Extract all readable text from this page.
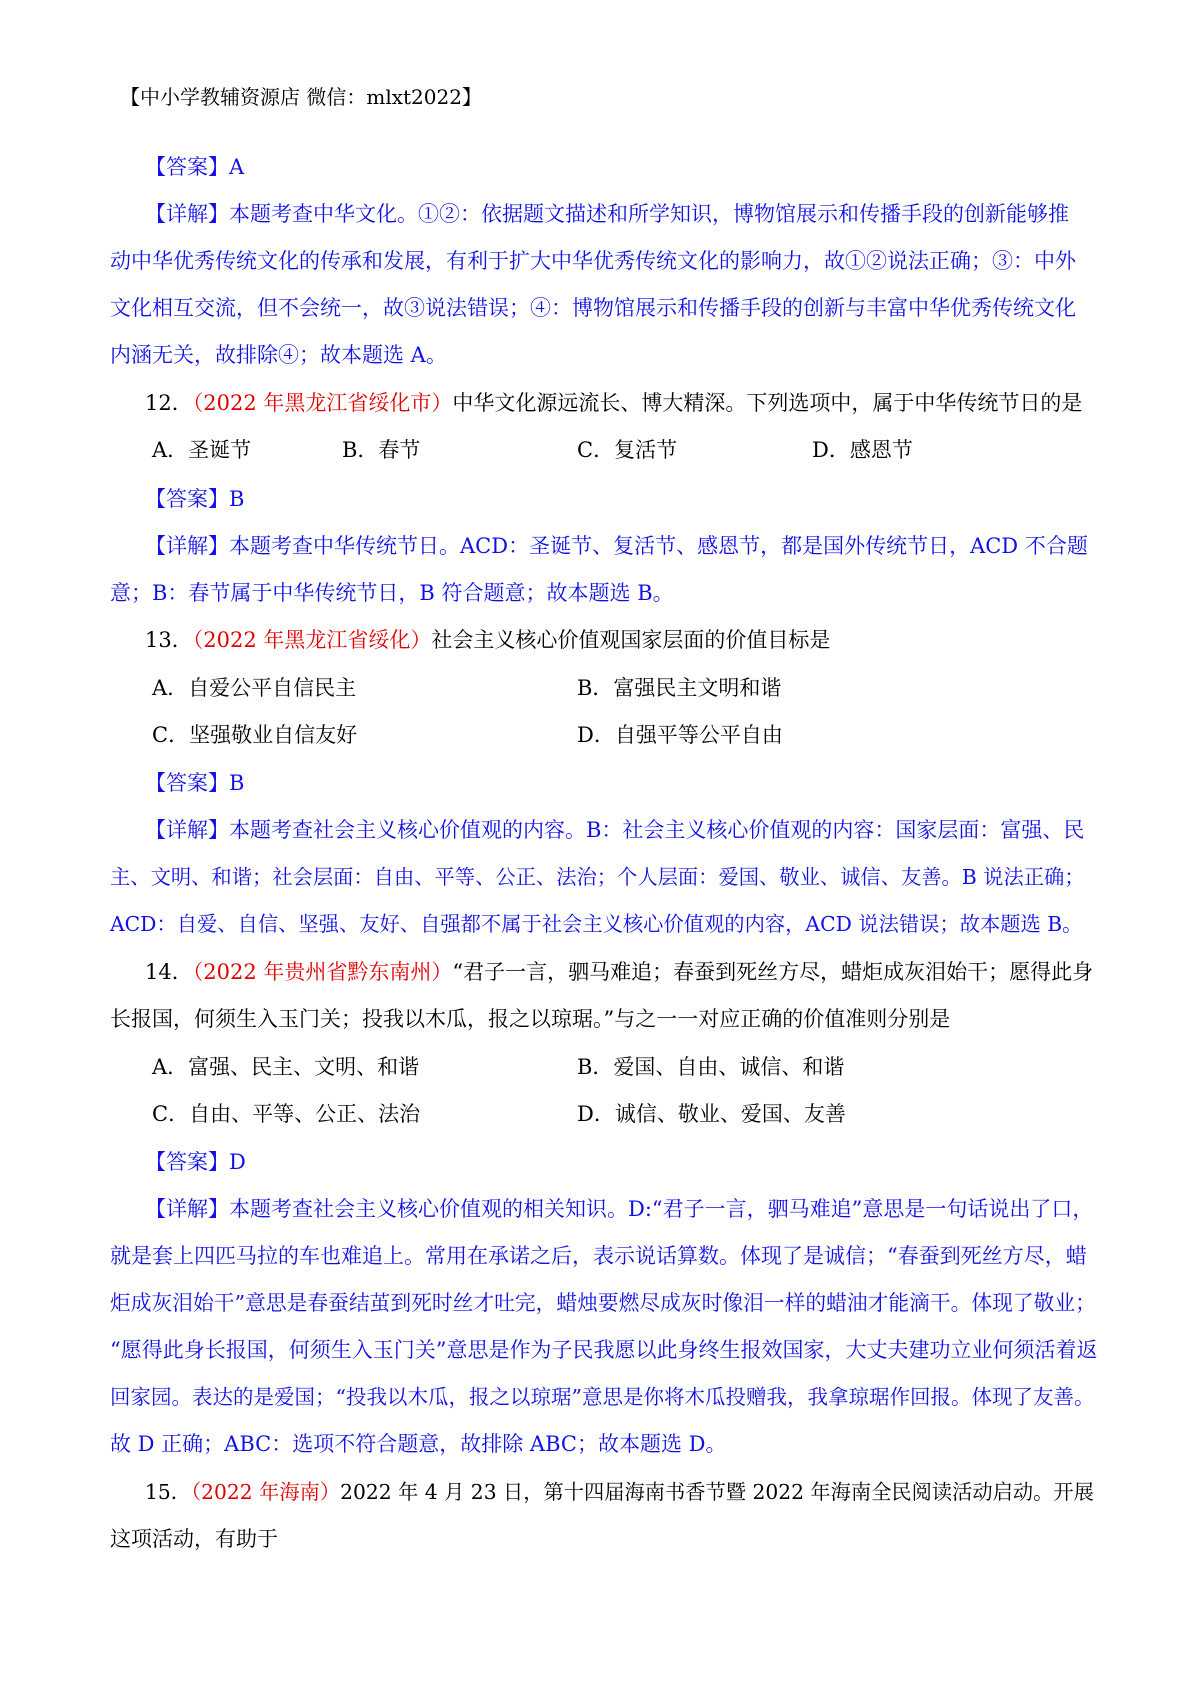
【中小学教辅资源店 微信：mlxt2022】
【答案】A
【详解】本题考查中华文化。①②：依据题文描述和所学知识，博物馆展示和传播手段的创新能够推
动中华优秀传统文化的传承和发展，有利于扩大中华优秀传统文化的影响力，故①②说法正确；③：中外
文化相互交流，但不会统一，故③说法错误；④：博物馆展示和传播手段的创新与丰富中华优秀传统文化
内涵无关，故排除④；故本题选 A。
12．（2022 年黑龙江省绥化市）中华文化源远流长、博大精深。下列选项中，属于中华传统节日的是
A．圣诞节	B．春节	C．复活节	D．感恩节
【答案】B
【详解】本题考查中华传统节日。ACD：圣诞节、复活节、感恩节，都是国外传统节日，ACD 不合题
意；B：春节属于中华传统节日，B 符合题意；故本题选 B。
13．（2022 年黑龙江省绥化）社会主义核心价值观国家层面的价值目标是
A．自爱公平自信民主	B．富强民主文明和谐
C．坚强敬业自信友好	D．自强平等公平自由
【答案】B
【详解】本题考查社会主义核心价值观的内容。B：社会主义核心价值观的内容：国家层面：富强、民
主、文明、和谐；社会层面：自由、平等、公正、法治；个人层面：爱国、敬业、诚信、友善。B 说法正确；
ACD：自爱、自信、坚强、友好、自强都不属于社会主义核心价值观的内容，ACD 说法错误；故本题选 B。
14．（2022 年贵州省黔东南州）“君子一言，驷马难追；春蚕到死丝方尽，蜡炬成灰泪始干；愿得此身
长报国，何须生入玉门关；投我以木瓜，报之以琼琚。”与之一一对应正确的价值准则分别是
A．富强、民主、文明、和谐	B．爱国、自由、诚信、和谐
C．自由、平等、公正、法治	D．诚信、敬业、爱国、友善
【答案】D
【详解】本题考查社会主义核心价值观的相关知识。D:“君子一言，驷马难追”意思是一句话说出了口，
就是套上四匹马拉的车也难追上。常用在承诺之后，表示说话算数。体现了是诚信；“春蚕到死丝方尽，蜡
炬成灰泪始干”意思是春蚕结茧到死时丝才吐完，蜡烛要燃尽成灰时像泪一样的蜡油才能滴干。体现了敬业；
“愿得此身长报国，何须生入玉门关”意思是作为子民我愿以此身终生报效国家，大丈夫建功立业何须活着返
回家园。表达的是爱国；“投我以木瓜，报之以琼琚”意思是你将木瓜投赠我，我拿琼琚作回报。体现了友善。
故 D 正确；ABC：选项不符合题意，故排除 ABC；故本题选 D。
15．（2022 年海南）2022 年 4 月 23 日，第十四届海南书香节暨 2022 年海南全民阅读活动启动。开展
这项活动，有助于
